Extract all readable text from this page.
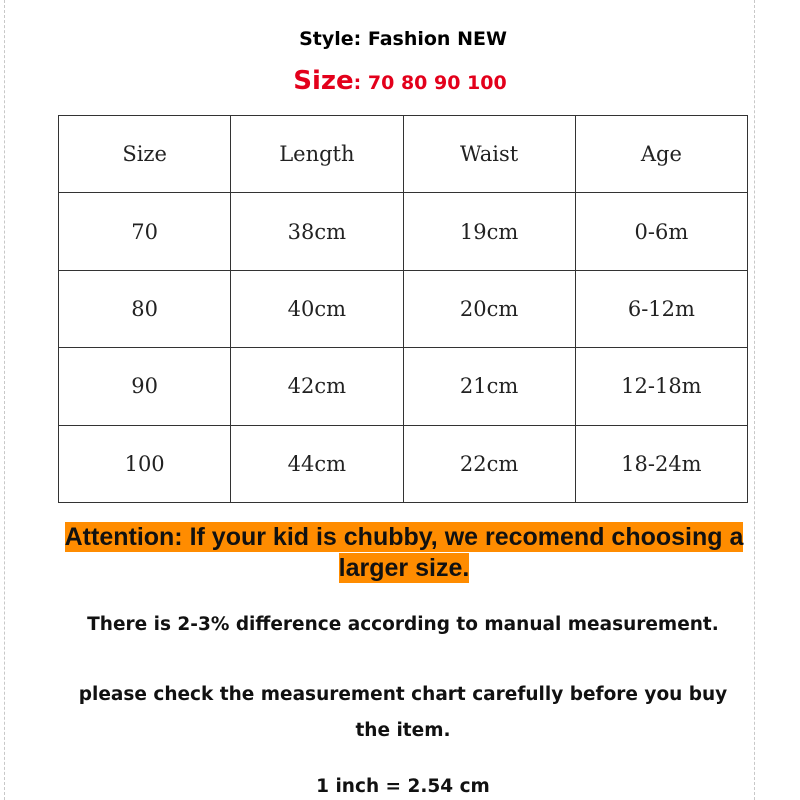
Style: Fashion NEW
Size: 70 80 90 100
Size	Length	Waist	Age
70	38cm	19cm	0-6m
80	40cm	20cm	6-12m
90	42cm	21cm	12-18m
100	44cm	22cm	18-24m
Attention: If your kid is chubby, we recomend choosing a larger size.
There is 2-3% difference according to manual measurement.
please check the measurement chart carefully before you buy the item.
1 inch = 2.54 cm
